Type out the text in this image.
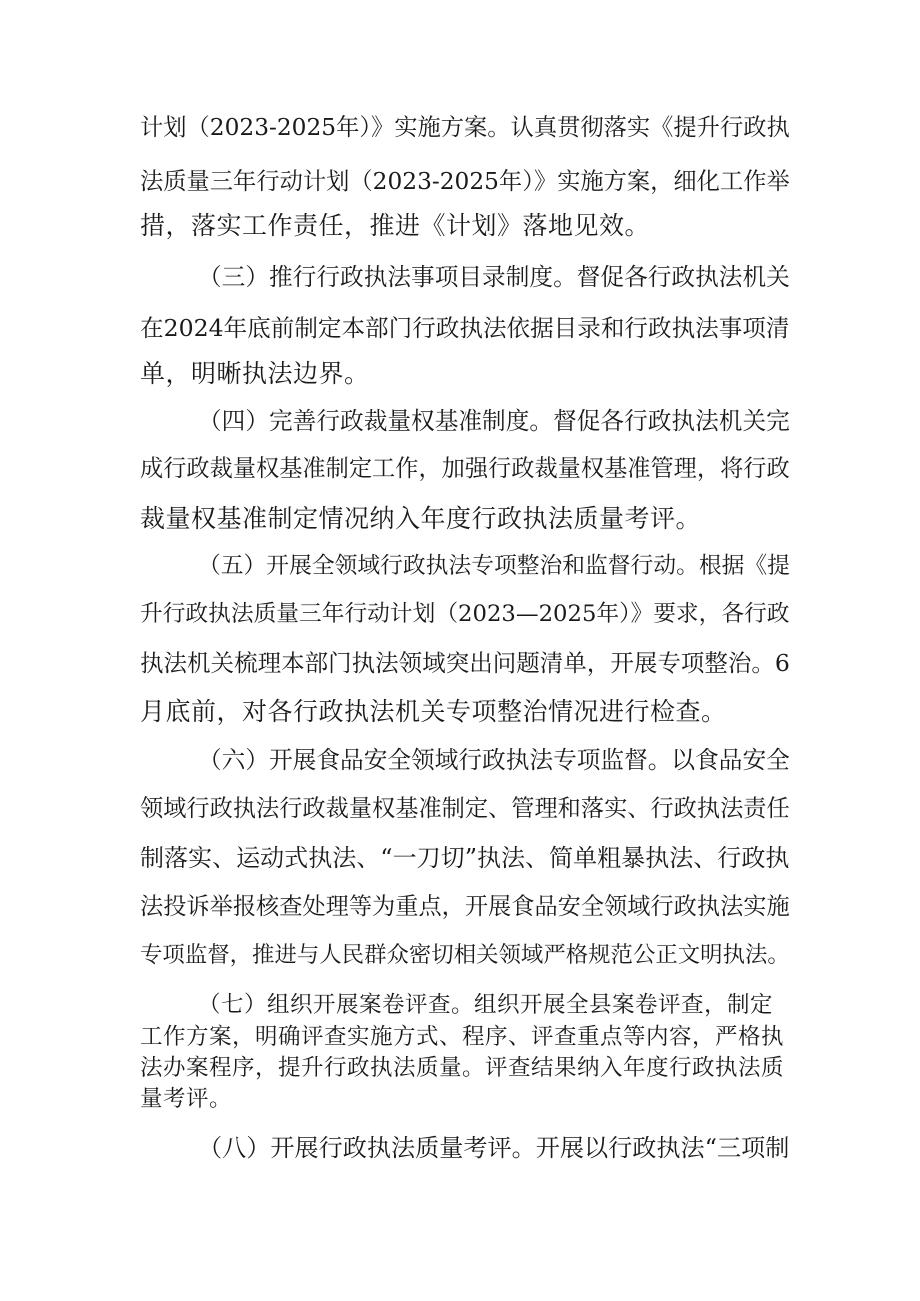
计划（2023-2025年）》实施方案。认真贯彻落实《提升行政执
法质量三年行动计划（2023-2025年）》实施方案，细化工作举
措，落实工作责任，推进《计划》落地见效。
（三）推行行政执法事项目录制度。督促各行政执法机关
在2024年底前制定本部门行政执法依据目录和行政执法事项清
单，明晰执法边界。
（四）完善行政裁量权基准制度。督促各行政执法机关完
成行政裁量权基准制定工作，加强行政裁量权基准管理，将行政
裁量权基准制定情况纳入年度行政执法质量考评。
（五）开展全领域行政执法专项整治和监督行动。根据《提
升行政执法质量三年行动计划（2023—2025年）》要求，各行政
执法机关梳理本部门执法领域突出问题清单，开展专项整治。6
月底前，对各行政执法机关专项整治情况进行检查。
（六）开展食品安全领域行政执法专项监督。以食品安全
领域行政执法行政裁量权基准制定、管理和落实、行政执法责任
制落实、运动式执法、“一刀切”执法、简单粗暴执法、行政执
法投诉举报核查处理等为重点，开展食品安全领域行政执法实施
专项监督，推进与人民群众密切相关领域严格规范公正文明执法。
（七）组织开展案卷评查。组织开展全县案卷评查，制定
工作方案，明确评查实施方式、程序、评查重点等内容，严格执
法办案程序，提升行政执法质量。评查结果纳入年度行政执法质
量考评。
（八）开展行政执法质量考评。开展以行政执法“三项制
